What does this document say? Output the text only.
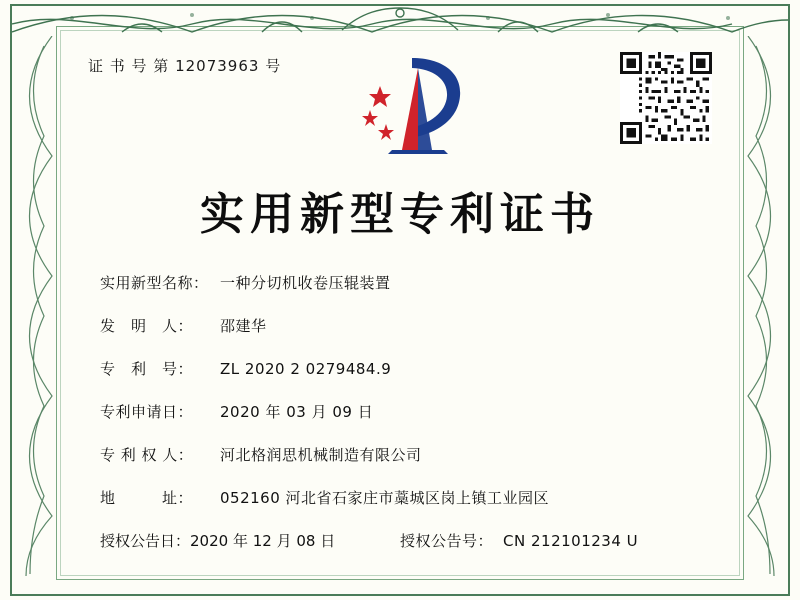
证 书 号 第 12073963 号
实用新型专利证书
实用新型名称： 一种分切机收卷压辊装置
发　明　人：	邵建华
专　利　号：	ZL 2020 2 0279484.9
专利申请日：	2020 年 03 月 09 日
专 利 权 人：	河北格润思机械制造有限公司
地　　　址：	052160 河北省石家庄市藁城区岗上镇工业园区
授权公告日： 2020 年 12 月 08 日	授权公告号： CN 212101234 U
